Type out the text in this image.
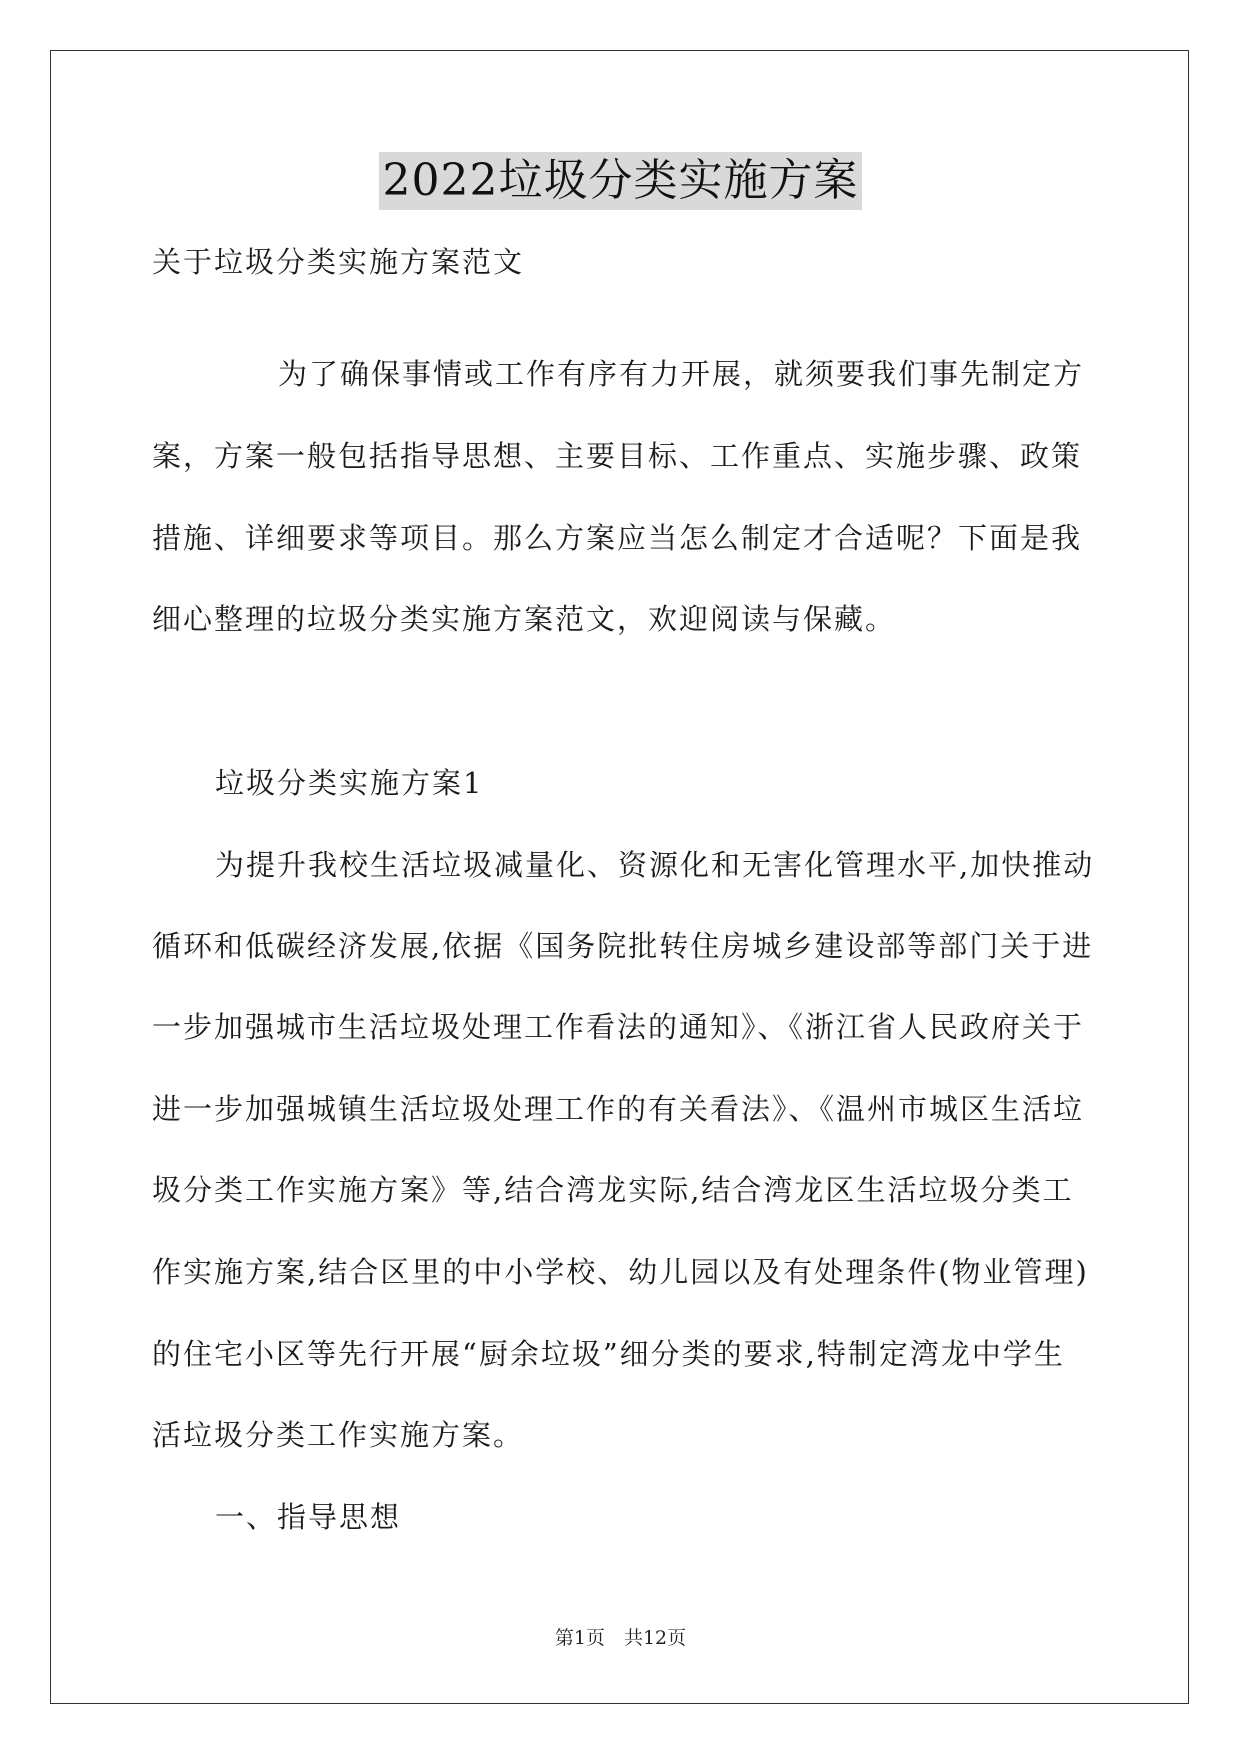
2022垃圾分类实施方案
关于垃圾分类实施方案范文
为了确保事情或工作有序有力开展，就须要我们事先制定方
案，方案一般包括指导思想、主要目标、工作重点、实施步骤、政策
措施、详细要求等项目。那么方案应当怎么制定才合适呢？下面是我
细心整理的垃圾分类实施方案范文，欢迎阅读与保藏。
垃圾分类实施方案1
为提升我校生活垃圾减量化、资源化和无害化管理水平,加快推动
循环和低碳经济发展,依据《国务院批转住房城乡建设部等部门关于进
一步加强城市生活垃圾处理工作看法的通知》、《浙江省人民政府关于
进一步加强城镇生活垃圾处理工作的有关看法》、《温州市城区生活垃
圾分类工作实施方案》等,结合湾龙实际,结合湾龙区生活垃圾分类工
作实施方案,结合区里的中小学校、幼儿园以及有处理条件(物业管理)
的住宅小区等先行开展“厨余垃圾”细分类的要求,特制定湾龙中学生
活垃圾分类工作实施方案。
一、指导思想
第1页　共12页
